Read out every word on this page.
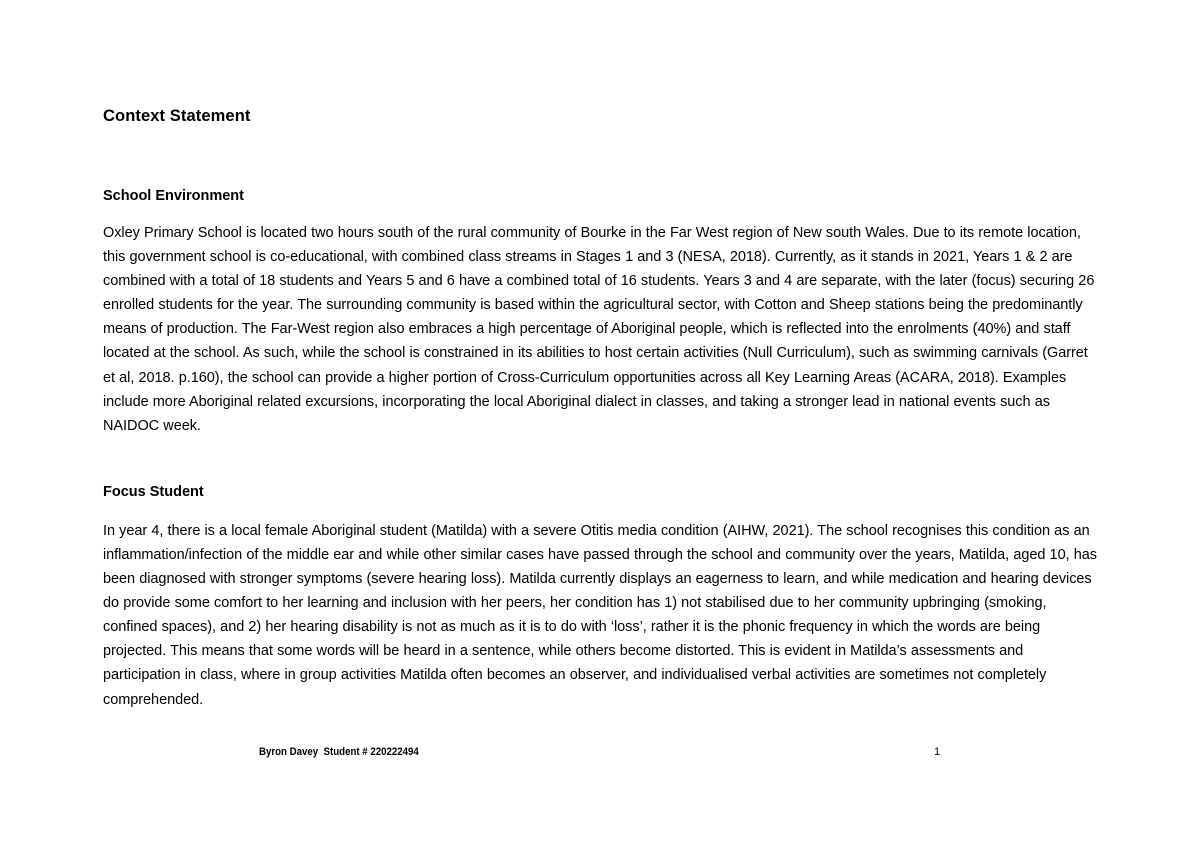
Context Statement
School Environment

Oxley Primary School is located two hours south of the rural community of Bourke in the Far West region of New south Wales. Due to its remote location, this government school is co-educational, with combined class streams in Stages 1 and 3 (NESA, 2018). Currently, as it stands in 2021, Years 1 & 2 are combined with a total of 18 students and Years 5 and 6 have a combined total of 16 students. Years 3 and 4 are separate, with the later (focus) securing 26 enrolled students for the year. The surrounding community is based within the agricultural sector, with Cotton and Sheep stations being the predominantly means of production. The Far-West region also embraces a high percentage of Aboriginal people, which is reflected into the enrolments (40%) and staff located at the school. As such, while the school is constrained in its abilities to host certain activities (Null Curriculum), such as swimming carnivals (Garret et al, 2018. p.160), the school can provide a higher portion of Cross-Curriculum opportunities across all Key Learning Areas (ACARA, 2018). Examples include more Aboriginal related excursions, incorporating the local Aboriginal dialect in classes, and taking a stronger lead in national events such as NAIDOC week.

Focus Student

In year 4, there is a local female Aboriginal student (Matilda) with a severe Otitis media condition (AIHW, 2021). The school recognises this condition as an inflammation/infection of the middle ear and while other similar cases have passed through the school and community over the years, Matilda, aged 10, has been diagnosed with stronger symptoms (severe hearing loss). Matilda currently displays an eagerness to learn, and while medication and hearing devices do provide some comfort to her learning and inclusion with her peers, her condition has 1) not stabilised due to her community upbringing (smoking, confined spaces), and 2) her hearing disability is not as much as it is to do with ‘loss’, rather it is the phonic frequency in which the words are being projected. This means that some words will be heard in a sentence, while others become distorted. This is evident in Matilda’s assessments and participation in class, where in group activities Matilda often becomes an observer, and individualised verbal activities are sometimes not completely comprehended.

Byron Davey  Student # 220222494	1
